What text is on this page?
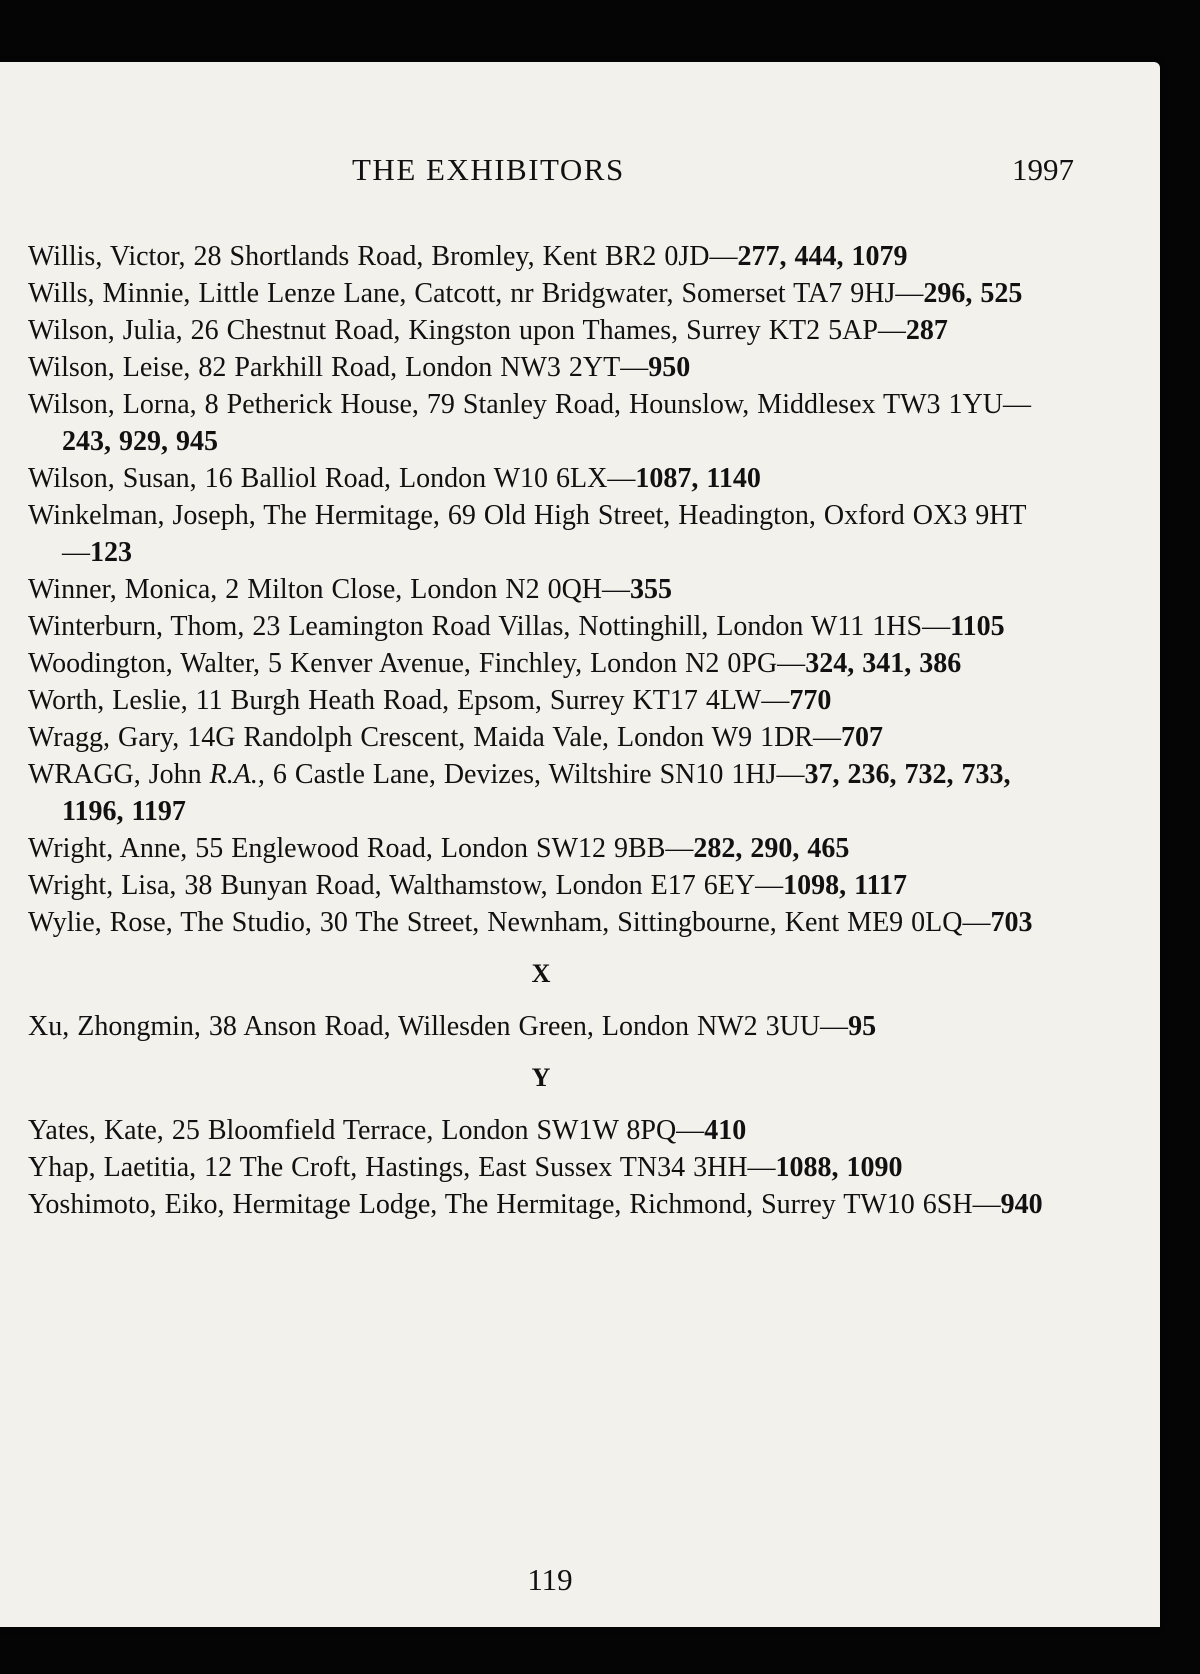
THE EXHIBITORS	1997
Willis, Victor, 28 Shortlands Road, Bromley, Kent BR2 0JD—277, 444, 1079
Wills, Minnie, Little Lenze Lane, Catcott, nr Bridgwater, Somerset TA7 9HJ—296, 525
Wilson, Julia, 26 Chestnut Road, Kingston upon Thames, Surrey KT2 5AP—287
Wilson, Leise, 82 Parkhill Road, London NW3 2YT—950
Wilson, Lorna, 8 Petherick House, 79 Stanley Road, Hounslow, Middlesex TW3 1YU—243, 929, 945
Wilson, Susan, 16 Balliol Road, London W10 6LX—1087, 1140
Winkelman, Joseph, The Hermitage, 69 Old High Street, Headington, Oxford OX3 9HT—123
Winner, Monica, 2 Milton Close, London N2 0QH—355
Winterburn, Thom, 23 Leamington Road Villas, Nottinghill, London W11 1HS—1105
Woodington, Walter, 5 Kenver Avenue, Finchley, London N2 0PG—324, 341, 386
Worth, Leslie, 11 Burgh Heath Road, Epsom, Surrey KT17 4LW—770
Wragg, Gary, 14G Randolph Crescent, Maida Vale, London W9 1DR—707
WRAGG, John R.A., 6 Castle Lane, Devizes, Wiltshire SN10 1HJ—37, 236, 732, 733, 1196, 1197
Wright, Anne, 55 Englewood Road, London SW12 9BB—282, 290, 465
Wright, Lisa, 38 Bunyan Road, Walthamstow, London E17 6EY—1098, 1117
Wylie, Rose, The Studio, 30 The Street, Newnham, Sittingbourne, Kent ME9 0LQ—703
X
Xu, Zhongmin, 38 Anson Road, Willesden Green, London NW2 3UU—95
Y
Yates, Kate, 25 Bloomfield Terrace, London SW1W 8PQ—410
Yhap, Laetitia, 12 The Croft, Hastings, East Sussex TN34 3HH—1088, 1090
Yoshimoto, Eiko, Hermitage Lodge, The Hermitage, Richmond, Surrey TW10 6SH—940
119
